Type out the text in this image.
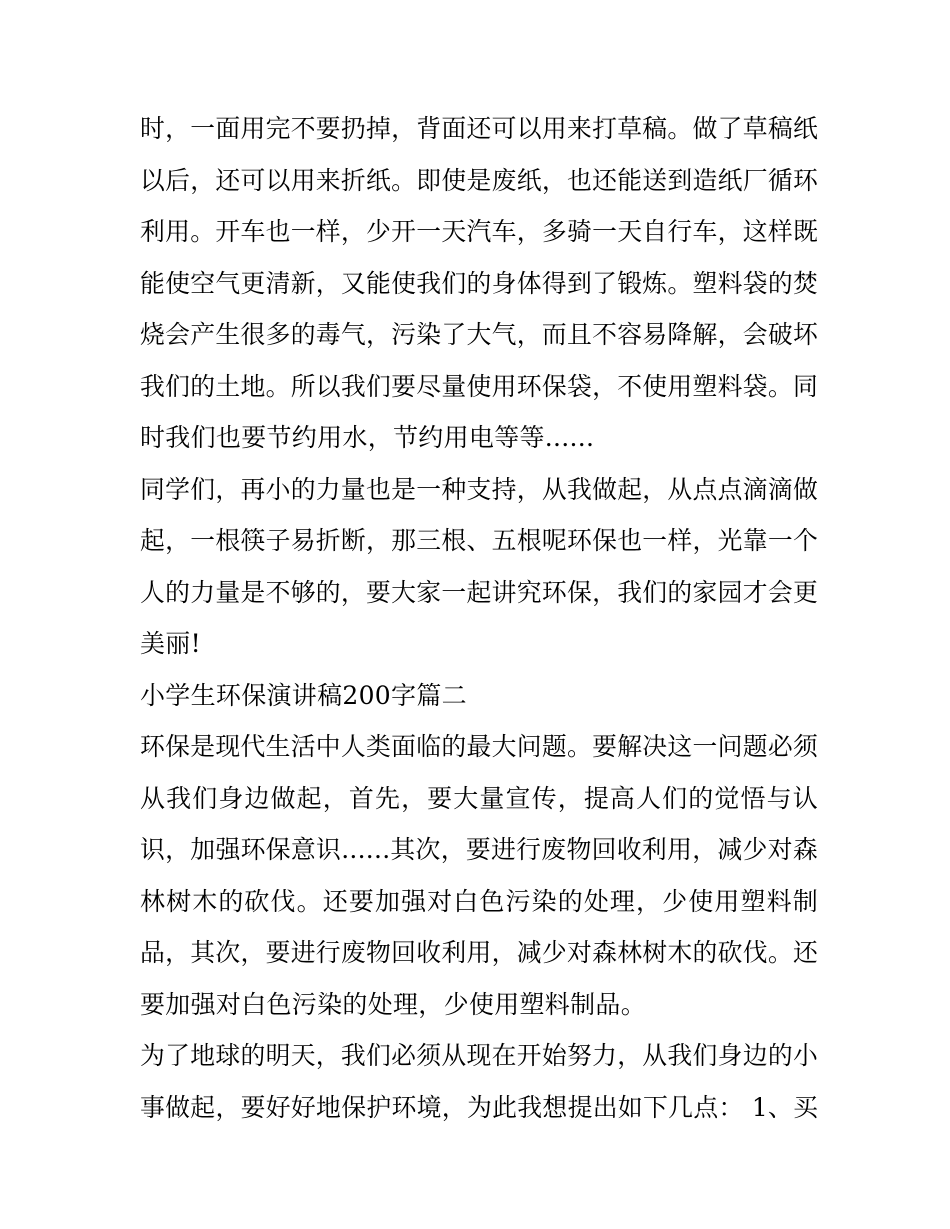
时，一面用完不要扔掉，背面还可以用来打草稿。做了草稿纸
以后，还可以用来折纸。即使是废纸，也还能送到造纸厂循环
利用。开车也一样，少开一天汽车，多骑一天自行车，这样既
能使空气更清新，又能使我们的身体得到了锻炼。塑料袋的焚
烧会产生很多的毒气，污染了大气，而且不容易降解，会破坏
我们的土地。所以我们要尽量使用环保袋，不使用塑料袋。同
时我们也要节约用水，节约用电等等......
同学们，再小的力量也是一种支持，从我做起，从点点滴滴做
起，一根筷子易折断，那三根、五根呢环保也一样，光靠一个
人的力量是不够的，要大家一起讲究环保，我们的家园才会更
美丽!
小学生环保演讲稿200字篇二
环保是现代生活中人类面临的最大问题。要解决这一问题必须
从我们身边做起，首先，要大量宣传，提高人们的觉悟与认
识，加强环保意识......其次，要进行废物回收利用，减少对森
林树木的砍伐。还要加强对白色污染的处理，少使用塑料制
品，其次，要进行废物回收利用，减少对森林树木的砍伐。还
要加强对白色污染的处理，少使用塑料制品。
为了地球的明天，我们必须从现在开始努力，从我们身边的小
事做起，要好好地保护环境，为此我想提出如下几点： 1、买
